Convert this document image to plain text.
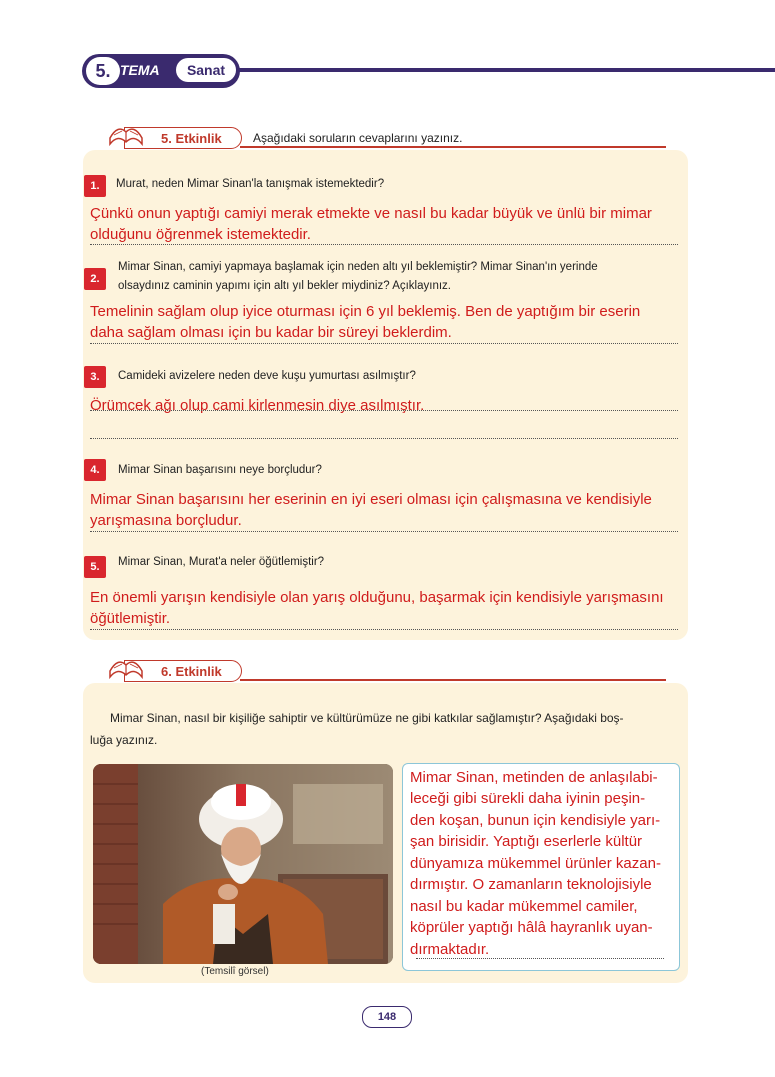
5. TEMA	Sanat
5. Etkinlik	Aşağıdaki soruların cevaplarını yazınız.
1.	Murat, neden Mimar Sinan'la tanışmak istemektedir?
Çünkü onun yaptığı camiyi merak etmekte ve nasıl bu kadar büyük ve ünlü bir mimar
olduğunu öğrenmek istemektedir.
2.
Mimar Sinan, camiyi yapmaya başlamak için neden altı yıl beklemiştir? Mimar Sinan'ın yerinde
olsaydınız caminin yapımı için altı yıl bekler miydiniz? Açıklayınız.
Temelinin sağlam olup iyice oturması için 6 yıl beklemiş. Ben de yaptığım bir eserin
daha sağlam olması için bu kadar bir süreyi beklerdim.
3.	Camideki avizelere neden deve kuşu yumurtası asılmıştır?
Örümcek ağı olup cami kirlenmesin diye asılmıştır.
4.	Mimar Sinan başarısını neye borçludur?
Mimar Sinan başarısını her eserinin en iyi eseri olması için çalışmasına ve kendisiyle
yarışmasına borçludur.
5.	Mimar Sinan, Murat'a neler öğütlemiştir?
En önemli yarışın kendisiyle olan yarış olduğunu, başarmak için kendisiyle yarışmasını
öğütlemiştir.
6. Etkinlik
Mimar Sinan, nasıl bir kişiliğe sahiptir ve kültürümüze ne gibi katkılar sağlamıştır? Aşağıdaki boş-
luğa yazınız.
(Temsilî görsel)
Mimar Sinan, metinden de anlaşılabi-
leceği gibi sürekli daha iyinin peşin-
den koşan, bunun için kendisiyle yarı-
şan birisidir. Yaptığı eserlerle kültür
dünyamıza mükemmel ürünler kazan-
dırmıştır. O zamanların teknolojisiyle
nasıl bu kadar mükemmel camiler,
köprüler yaptığı hâlâ hayranlık uyan-
dırmaktadır.
148
